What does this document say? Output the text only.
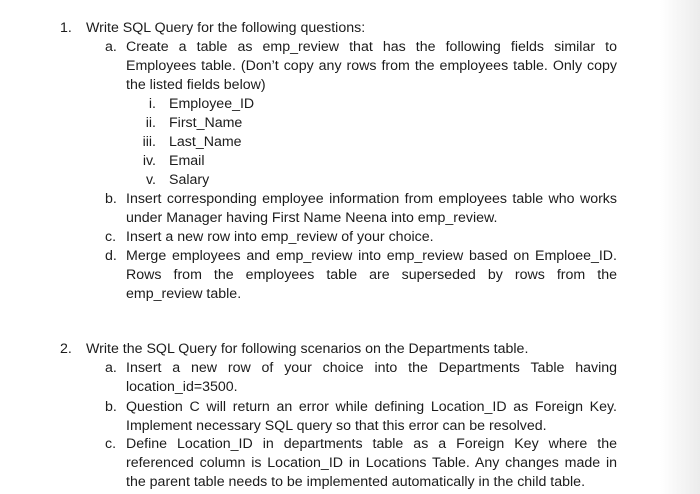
1. Write SQL Query for the following questions:
a. Create a table as emp_review that has the following fields similar to
Employees table. (Don’t copy any rows from the employees table. Only copy
the listed fields below)
i. Employee_ID
ii. First_Name
iii. Last_Name
iv. Email
v. Salary
b. Insert corresponding employee information from employees table who works
under Manager having First Name Neena into emp_review.
c. Insert a new row into emp_review of your choice.
d. Merge employees and emp_review into emp_review based on Emploee_ID.
Rows from the employees table are superseded by rows from the
emp_review table.
2. Write the SQL Query for following scenarios on the Departments table.
a. Insert a new row of your choice into the Departments Table having
location_id=3500.
b. Question C will return an error while defining Location_ID as Foreign Key.
Implement necessary SQL query so that this error can be resolved.
c. Define Location_ID in departments table as a Foreign Key where the
referenced column is Location_ID in Locations Table. Any changes made in
the parent table needs to be implemented automatically in the child table.
